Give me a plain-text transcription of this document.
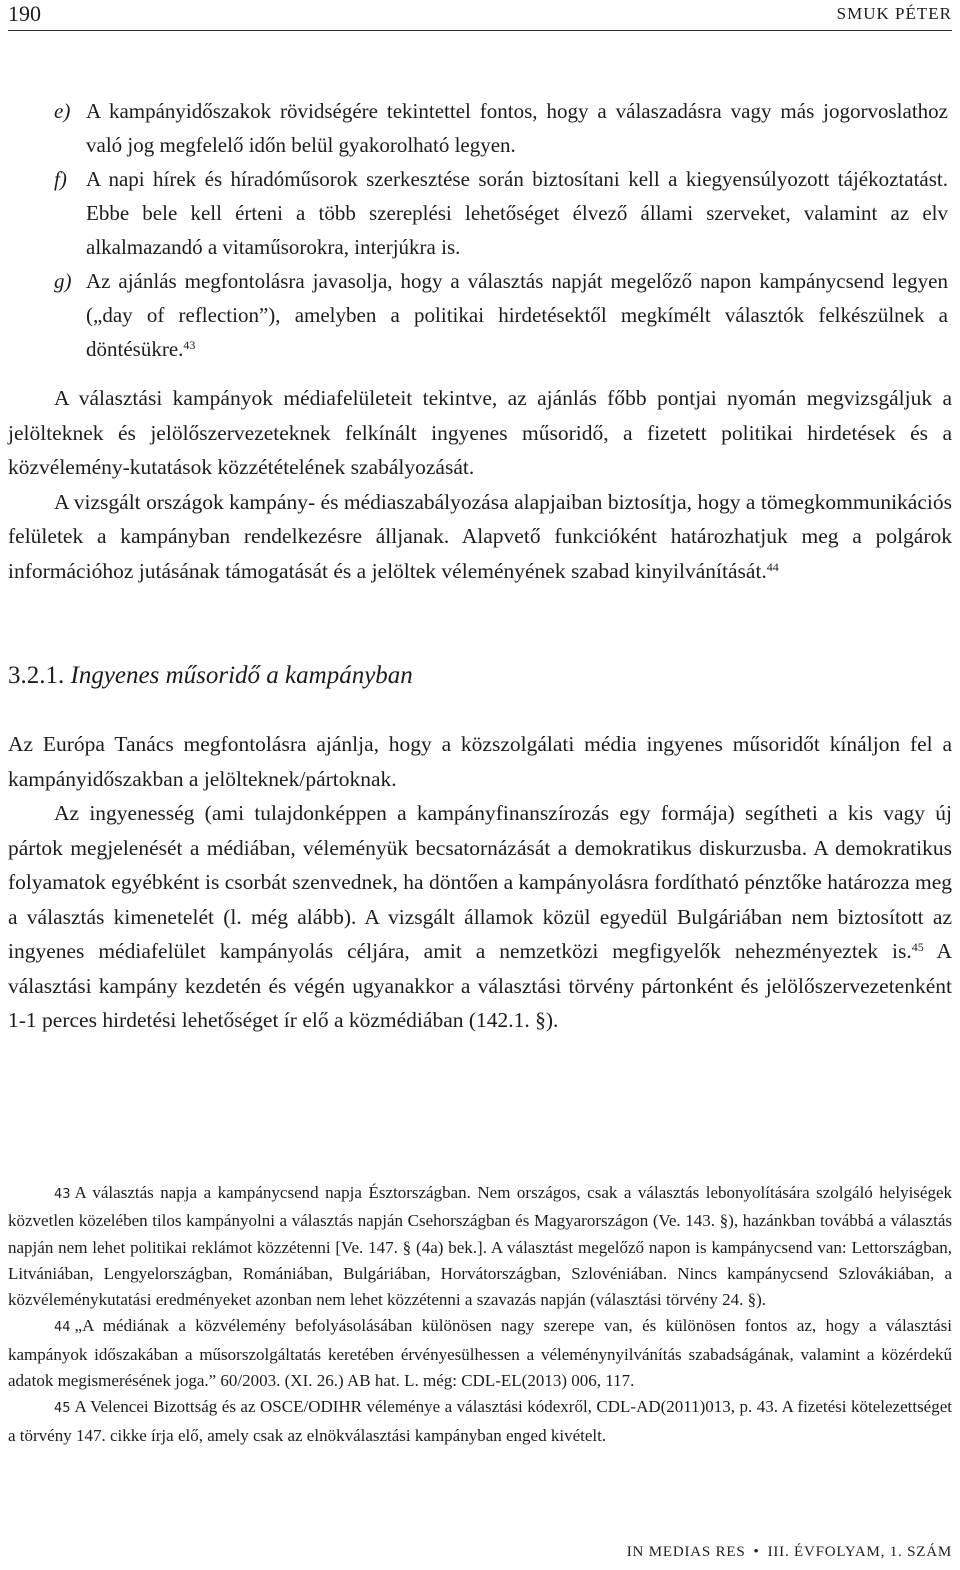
190	SMUK PÉTER
e) A kampányidőszakok rövidségére tekintettel fontos, hogy a válaszadásra vagy más jogorvoslathoz való jog megfelelő időn belül gyakorolható legyen.
f) A napi hírek és híradóműsorok szerkesztése során biztosítani kell a kiegyensúlyozott tájékoztatást. Ebbe bele kell érteni a több szereplési lehetőséget élvező állami szerveket, valamint az elv alkalmazandó a vitaműsorokra, interjúkra is.
g) Az ajánlás megfontolásra javasolja, hogy a választás napját megelőző napon kampánycsend legyen („day of reflection”), amelyben a politikai hirdetésektől megkímélt választók felkészülnek a döntésükre.$^{43}$

A választási kampányok médiafelületeit tekintve, az ajánlás főbb pontjai nyomán megvizsgáljuk a jelölteknek és jelölőszervezeteknek felkínált ingyenes műsoridő, a fizetett politikai hirdetések és a közvélemény-kutatások közzétételének szabályozását.

A vizsgált országok kampány- és médiaszabályozása alapjaiban biztosítja, hogy a tömegkommunikációs felületek a kampányban rendelkezésre álljanak. Alapvető funkcióként határozhatjuk meg a polgárok információhoz jutásának támogatását és a jelöltek véleményének szabad kinyilvánítását.$^{44}$

3.2.1. Ingyenes műsoridő a kampányban

Az Európa Tanács megfontolásra ajánlja, hogy a közszolgálati média ingyenes műsoridőt kínáljon fel a kampányidőszakban a jelölteknek/pártoknak.

Az ingyenesség (ami tulajdonképpen a kampányfinanszírozás egy formája) segítheti a kis vagy új pártok megjelenését a médiában, véleményük becsatornázását a demokratikus diskurzusba. A demokratikus folyamatok egyébként is csorbát szenvednek, ha döntően a kampányolásra fordítható pénztőke határozza meg a választás kimenetelét (l. még alább). A vizsgált államok közül egyedül Bulgáriában nem biztosított az ingyenes médiafelület kampányolás céljára, amit a nemzetközi megfigyelők nehezményeztek is.$^{45}$ A választási kampány kezdetén és végén ugyanakkor a választási törvény pártonként és jelölőszervezetenként 1-1 perces hirdetési lehetőséget ír elő a közmédiában (142.1. §).

43 A választás napja a kampánycsend napja Észtországban. Nem országos, csak a választás lebonyolítására szolgáló helyiségek közvetlen közelében tilos kampányolni a választás napján Csehországban és Magyarországon (Ve. 143. §), hazánkban továbbá a választás napján nem lehet politikai reklámot közzétenni [Ve. 147. § (4a) bek.]. A választást megelőző napon is kampánycsend van: Lettországban, Litvániában, Lengyelországban, Romániában, Bulgáriában, Horvátországban, Szlovéniában. Nincs kampánycsend Szlovákiában, a közvéleménykutatási eredményeket azonban nem lehet közzétenni a szavazás napján (választási törvény 24. §).

44 „A médiának a közvélemény befolyásolásában különösen nagy szerepe van, és különösen fontos az, hogy a választási kampányok időszakában a műsorszolgáltatás keretében érvényesülhessen a véleménynyilvánítás szabadságának, valamint a közérdekű adatok megismerésének joga.” 60/2003. (XI. 26.) AB hat. L. még: CDL-EL(2013) 006, 117.

45 A Velencei Bizottság és az OSCE/ODIHR véleménye a választási kódexről, CDL-AD(2011)013, p. 43. A fizetési kötelezettséget a törvény 147. cikke írja elő, amely csak az elnökválasztási kampányban enged kivételt.

IN MEDIAS RES • III. ÉVFOLYAM, 1. SZÁM
